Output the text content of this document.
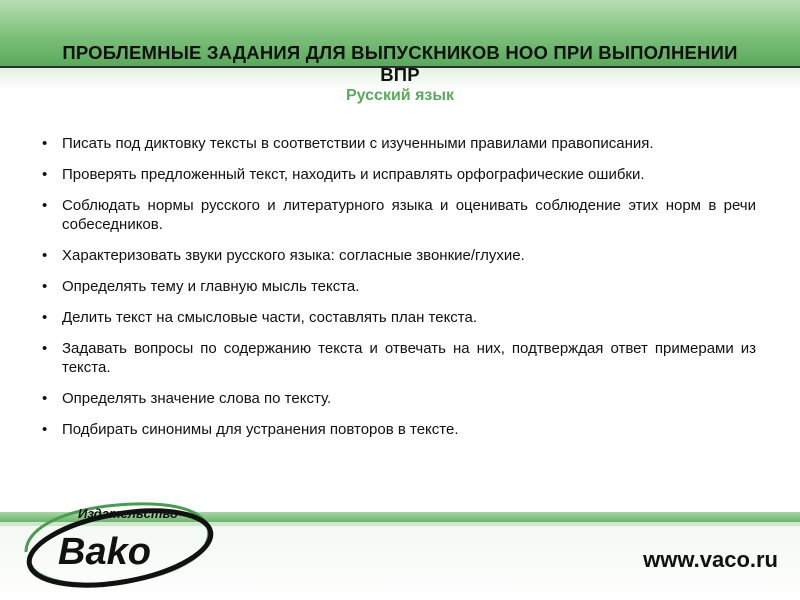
ПРОБЛЕМНЫЕ ЗАДАНИЯ ДЛЯ ВЫПУСКНИКОВ НОО ПРИ ВЫПОЛНЕНИИ ВПР
Русский язык
• Писать под диктовку тексты в соответствии с изученными правилами правописания.
• Проверять предложенный текст, находить и исправлять орфографические ошибки.
• Соблюдать нормы русского и литературного языка и оценивать соблюдение этих норм в речи собеседников.
• Характеризовать звуки русского языка: согласные звонкие/глухие.
• Определять тему и главную мысль текста.
• Делить текст на смысловые части, составлять план текста.
• Задавать вопросы по содержанию текста и отвечать на них, подтверждая ответ примерами из текста.
• Определять значение слова по тексту.
• Подбирать синонимы для устранения повторов в тексте.
Издательство
Bako	www.vaco.ru
